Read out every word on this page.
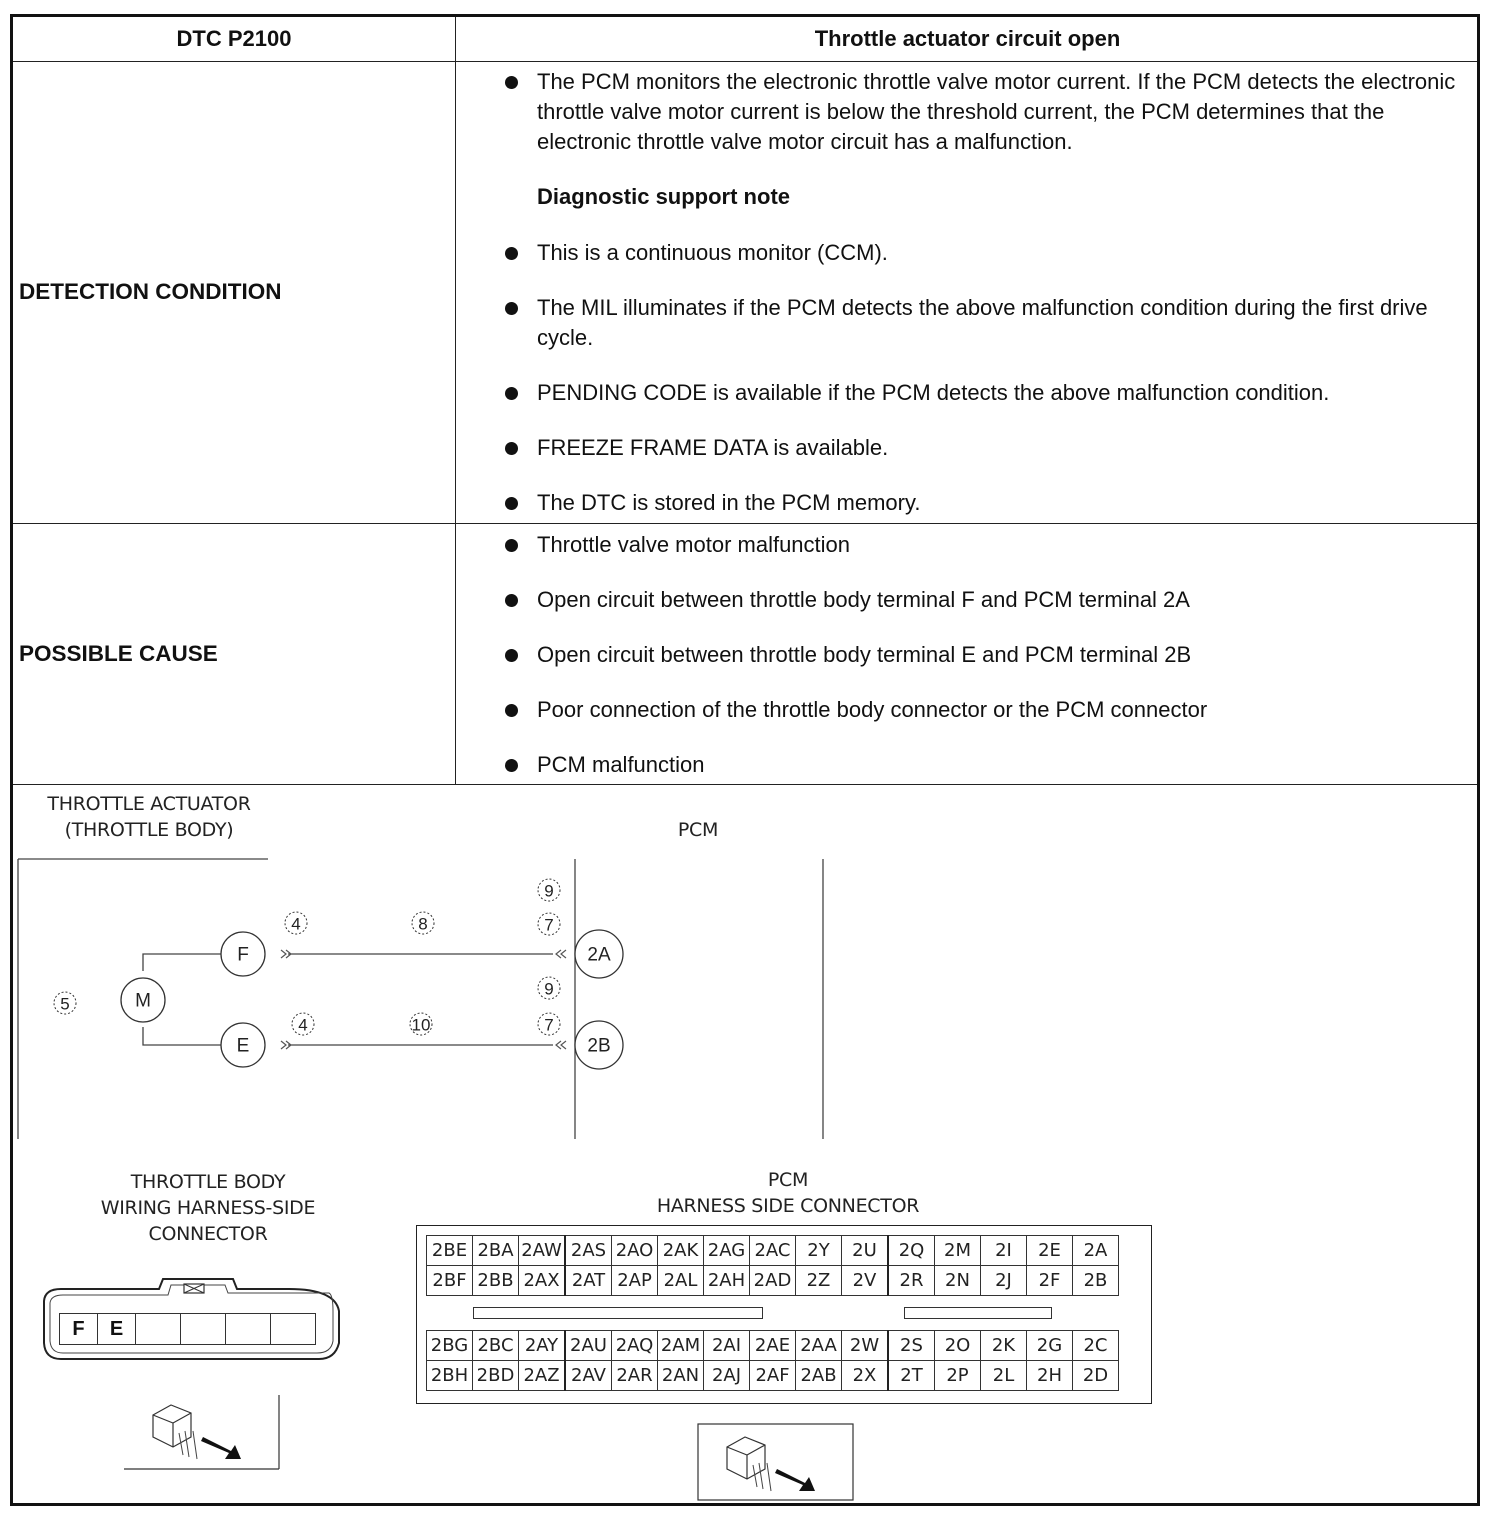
DTC P2100	Throttle actuator circuit open
DETECTION CONDITION
The PCM monitors the electronic throttle valve motor current. If the PCM detects the electronic throttle valve motor current is below the threshold current, the PCM determines that the electronic throttle valve motor circuit has a malfunction.
Diagnostic support note
This is a continuous monitor (CCM).
The MIL illuminates if the PCM detects the above malfunction condition during the first drive cycle.
PENDING CODE is available if the PCM detects the above malfunction condition.
FREEZE FRAME DATA is available.
The DTC is stored in the PCM memory.
POSSIBLE CAUSE
Throttle valve motor malfunction
Open circuit between throttle body terminal F and PCM terminal 2A
Open circuit between throttle body terminal E and PCM terminal 2B
Poor connection of the throttle body connector or the PCM connector
PCM malfunction
THROTTLE ACTUATOR
(THROTTLE BODY)	PCM
M
F
E
2A
2B
4	8
9
7
5
9
4	10	7
THROTTLE BODY
WIRING HARNESS-SIDE
CONNECTOR
F	E
PCM
HARNESS SIDE CONNECTOR
2BE	2BA	2AW	2AS	2AO	2AK	2AG	2AC	2Y	2U	2Q	2M	2I	2E	2A
2BF	2BB	2AX	2AT	2AP	2AL	2AH	2AD	2Z	2V	2R	2N	2J	2F	2B
2BG	2BC	2AY	2AU	2AQ	2AM	2AI	2AE	2AA	2W	2S	2O	2K	2G	2C
2BH	2BD	2AZ	2AV	2AR	2AN	2AJ	2AF	2AB	2X	2T	2P	2L	2H	2D
